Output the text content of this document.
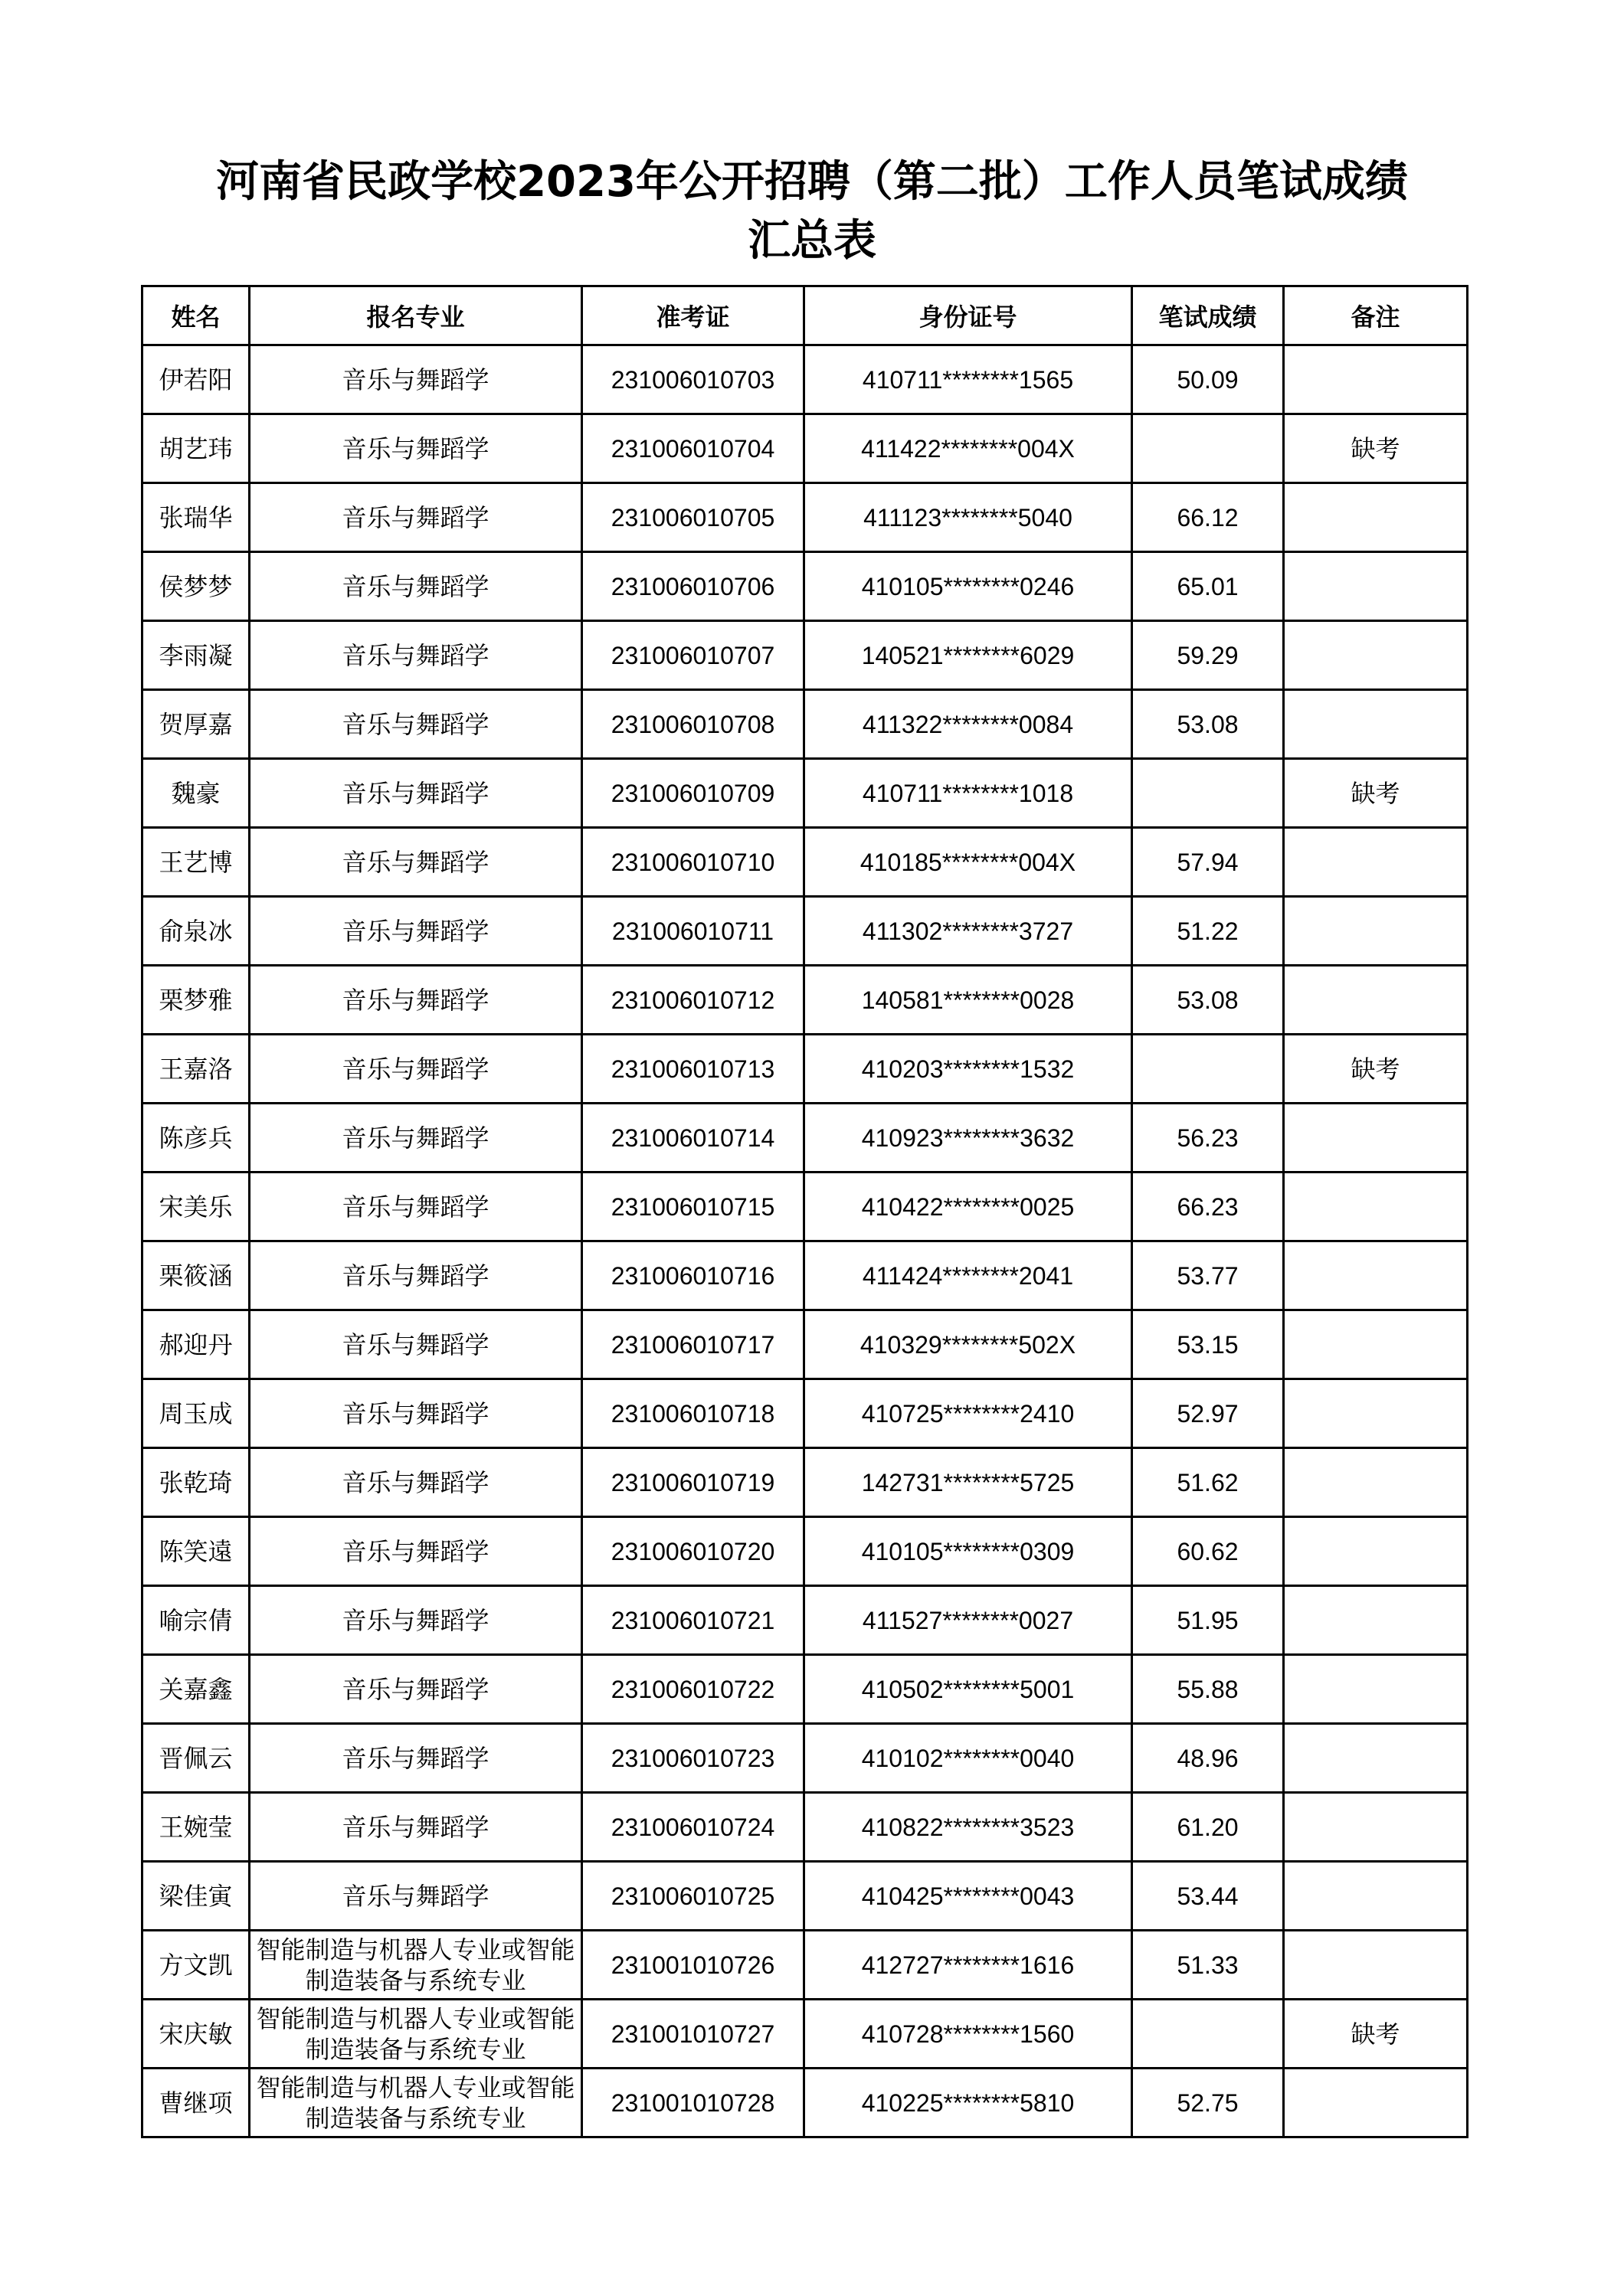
河南省民政学校2023年公开招聘（第二批）工作人员笔试成绩
汇总表
姓名	报名专业	准考证	身份证号	笔试成绩	备注
伊若阳	音乐与舞蹈学	231006010703	410711********1565	50.09	
胡艺玮	音乐与舞蹈学	231006010704	411422********004X		缺考
张瑞华	音乐与舞蹈学	231006010705	411123********5040	66.12	
侯梦梦	音乐与舞蹈学	231006010706	410105********0246	65.01	
李雨凝	音乐与舞蹈学	231006010707	140521********6029	59.29	
贺厚嘉	音乐与舞蹈学	231006010708	411322********0084	53.08	
魏豪	音乐与舞蹈学	231006010709	410711********1018		缺考
王艺博	音乐与舞蹈学	231006010710	410185********004X	57.94	
俞泉冰	音乐与舞蹈学	231006010711	411302********3727	51.22	
栗梦雅	音乐与舞蹈学	231006010712	140581********0028	53.08	
王嘉洛	音乐与舞蹈学	231006010713	410203********1532		缺考
陈彦兵	音乐与舞蹈学	231006010714	410923********3632	56.23	
宋美乐	音乐与舞蹈学	231006010715	410422********0025	66.23	
栗筱涵	音乐与舞蹈学	231006010716	411424********2041	53.77	
郝迎丹	音乐与舞蹈学	231006010717	410329********502X	53.15	
周玉成	音乐与舞蹈学	231006010718	410725********2410	52.97	
张乾琦	音乐与舞蹈学	231006010719	142731********5725	51.62	
陈笑遠	音乐与舞蹈学	231006010720	410105********0309	60.62	
喻宗倩	音乐与舞蹈学	231006010721	411527********0027	51.95	
关嘉鑫	音乐与舞蹈学	231006010722	410502********5001	55.88	
晋佩云	音乐与舞蹈学	231006010723	410102********0040	48.96	
王婉莹	音乐与舞蹈学	231006010724	410822********3523	61.20	
梁佳寅	音乐与舞蹈学	231006010725	410425********0043	53.44	
方文凯	智能制造与机器人专业或智能制造装备与系统专业	231001010726	412727********1616	51.33	
宋庆敏	智能制造与机器人专业或智能制造装备与系统专业	231001010727	410728********1560		缺考
曹继项	智能制造与机器人专业或智能制造装备与系统专业	231001010728	410225********5810	52.75	
